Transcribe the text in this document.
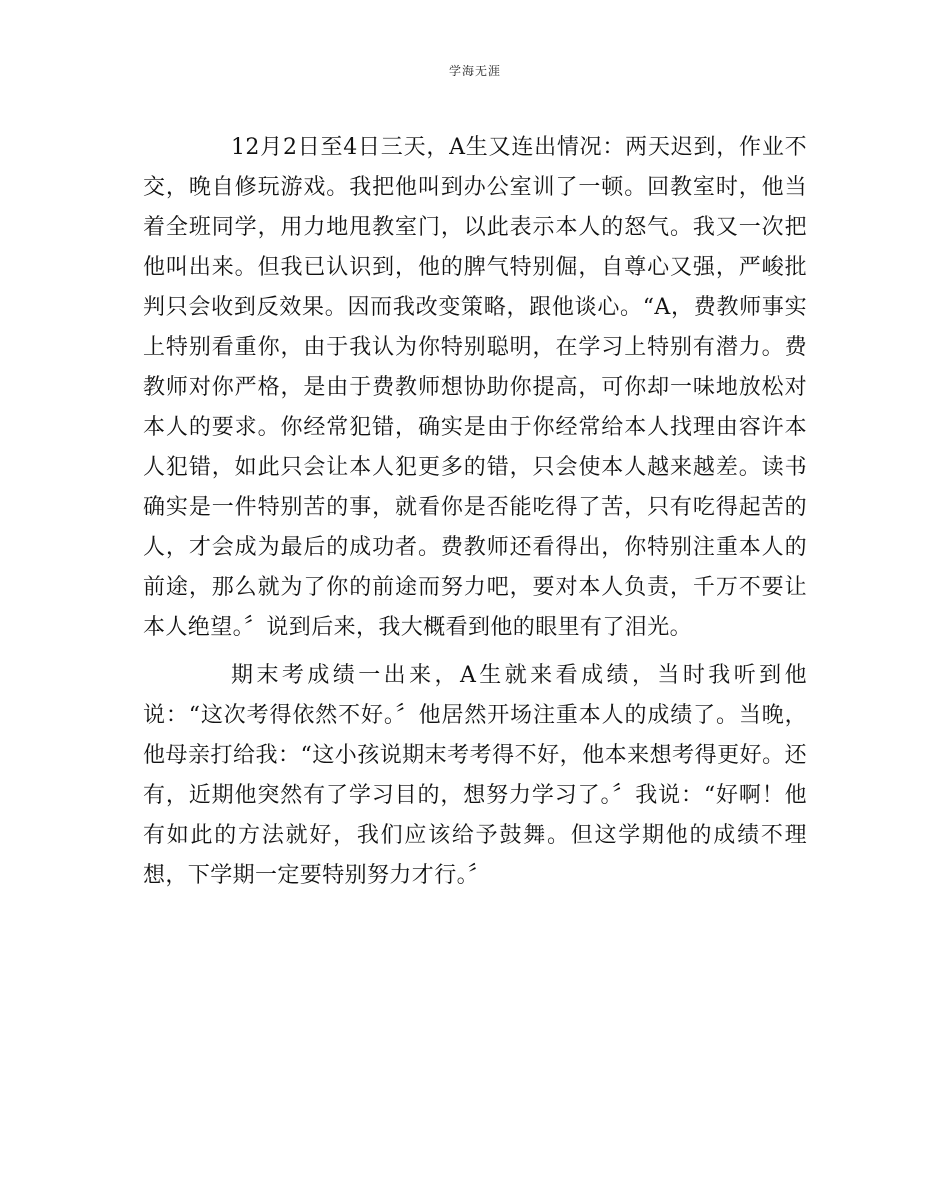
学海无涯

12月2日至4日三天，A生又连出情况：两天迟到，作业不交，晚自修玩游戏。我把他叫到办公室训了一顿。回教室时，他当着全班同学，用力地甩教室门，以此表示本人的怒气。我又一次把他叫出来。但我已认识到，他的脾气特别倔，自尊心又强，严峻批判只会收到反效果。因而我改变策略，跟他谈心。“A，费教师事实上特别看重你，由于我认为你特别聪明，在学习上特别有潜力。费教师对你严格，是由于费教师想协助你提高，可你却一味地放松对本人的要求。你经常犯错，确实是由于你经常给本人找理由容许本人犯错，如此只会让本人犯更多的错，只会使本人越来越差。读书确实是一件特别苦的事，就看你是否能吃得了苦，只有吃得起苦的人，才会成为最后的成功者。费教师还看得出，你特别注重本人的前途，那么就为了你的前途而努力吧，要对本人负责，千万不要让本人绝望。〞说到后来，我大概看到他的眼里有了泪光。

期末考成绩一出来，A生就来看成绩，当时我听到他说：“这次考得依然不好。〞他居然开场注重本人的成绩了。当晚，他母亲打给我：“这小孩说期末考考得不好，他本来想考得更好。还有，近期他突然有了学习目的，想努力学习了。〞我说：“好啊！他有如此的方法就好，我们应该给予鼓舞。但这学期他的成绩不理想，下学期一定要特别努力才行。〞
